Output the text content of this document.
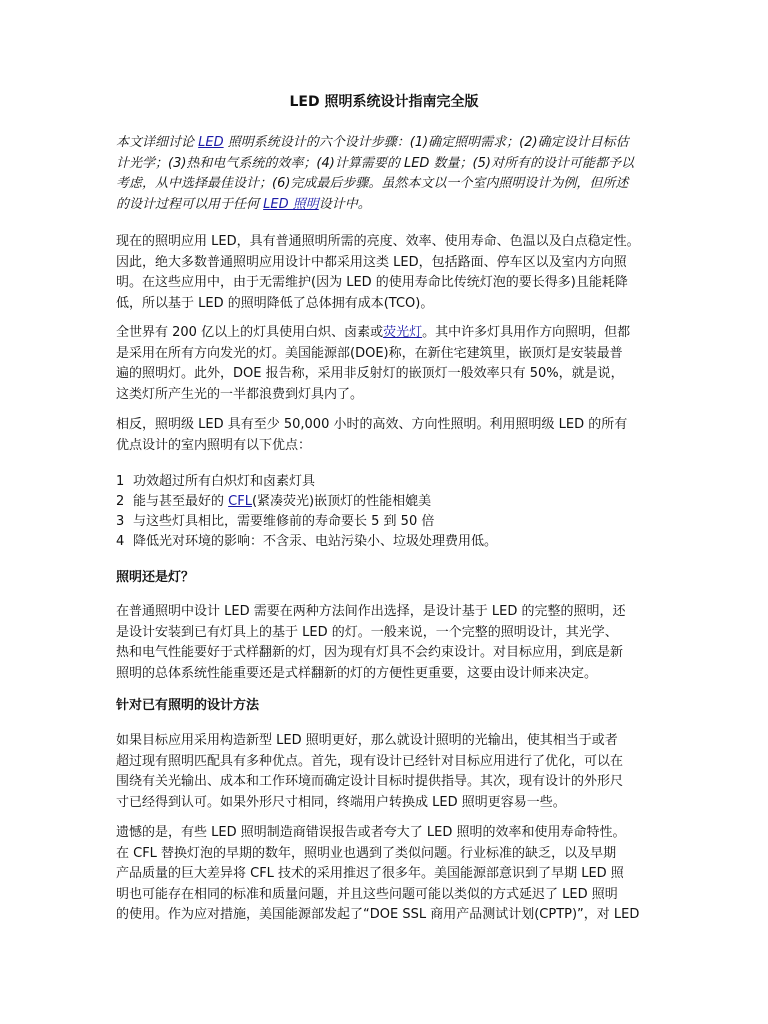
LED 照明系统设计指南完全版
本文详细讨论 LED 照明系统设计的六个设计步骤：(1)确定照明需求；(2)确定设计目标估
计光学；(3)热和电气系统的效率；(4)计算需要的 LED 数量；(5)对所有的设计可能都予以
考虑，从中选择最佳设计；(6)完成最后步骤。虽然本文以一个室内照明设计为例，但所述
的设计过程可以用于任何 LED 照明设计中。
现在的照明应用 LED，具有普通照明所需的亮度、效率、使用寿命、色温以及白点稳定性。
因此，绝大多数普通照明应用设计中都采用这类 LED，包括路面、停车区以及室内方向照
明。在这些应用中，由于无需维护(因为 LED 的使用寿命比传统灯泡的要长得多)且能耗降
低，所以基于 LED 的照明降低了总体拥有成本(TCO)。
全世界有 200 亿以上的灯具使用白炽、卤素或荧光灯。其中许多灯具用作方向照明，但都
是采用在所有方向发光的灯。美国能源部(DOE)称，在新住宅建筑里，嵌顶灯是安装最普
遍的照明灯。此外，DOE 报告称，采用非反射灯的嵌顶灯一般效率只有 50%，就是说，
这类灯所产生光的一半都浪费到灯具内了。
相反，照明级 LED 具有至少 50,000 小时的高效、方向性照明。利用照明级 LED 的所有
优点设计的室内照明有以下优点：
1 功效超过所有白炽灯和卤素灯具
2 能与甚至最好的 CFL(紧凑荧光)嵌顶灯的性能相媲美
3 与这些灯具相比，需要维修前的寿命要长 5 到 50 倍
4 降低光对环境的影响：不含汞、电站污染小、垃圾处理费用低。
照明还是灯？
在普通照明中设计 LED 需要在两种方法间作出选择，是设计基于 LED 的完整的照明，还
是设计安装到已有灯具上的基于 LED 的灯。一般来说，一个完整的照明设计，其光学、
热和电气性能要好于式样翻新的灯，因为现有灯具不会约束设计。对目标应用，到底是新
照明的总体系统性能重要还是式样翻新的灯的方便性更重要，这要由设计师来决定。
针对已有照明的设计方法
如果目标应用采用构造新型 LED 照明更好，那么就设计照明的光输出，使其相当于或者
超过现有照明匹配具有多种优点。首先，现有设计已经针对目标应用进行了优化，可以在
围绕有关光输出、成本和工作环境而确定设计目标时提供指导。其次，现有设计的外形尺
寸已经得到认可。如果外形尺寸相同，终端用户转换成 LED 照明更容易一些。
遗憾的是，有些 LED 照明制造商错误报告或者夸大了 LED 照明的效率和使用寿命特性。
在 CFL 替换灯泡的早期的数年，照明业也遇到了类似问题。行业标准的缺乏，以及早期
产品质量的巨大差异将 CFL 技术的采用推迟了很多年。美国能源部意识到了早期 LED 照
明也可能存在相同的标准和质量问题，并且这些问题可能以类似的方式延迟了 LED 照明
的使用。作为应对措施，美国能源部发起了“DOE SSL 商用产品测试计划(CPTP)”，对 LED
